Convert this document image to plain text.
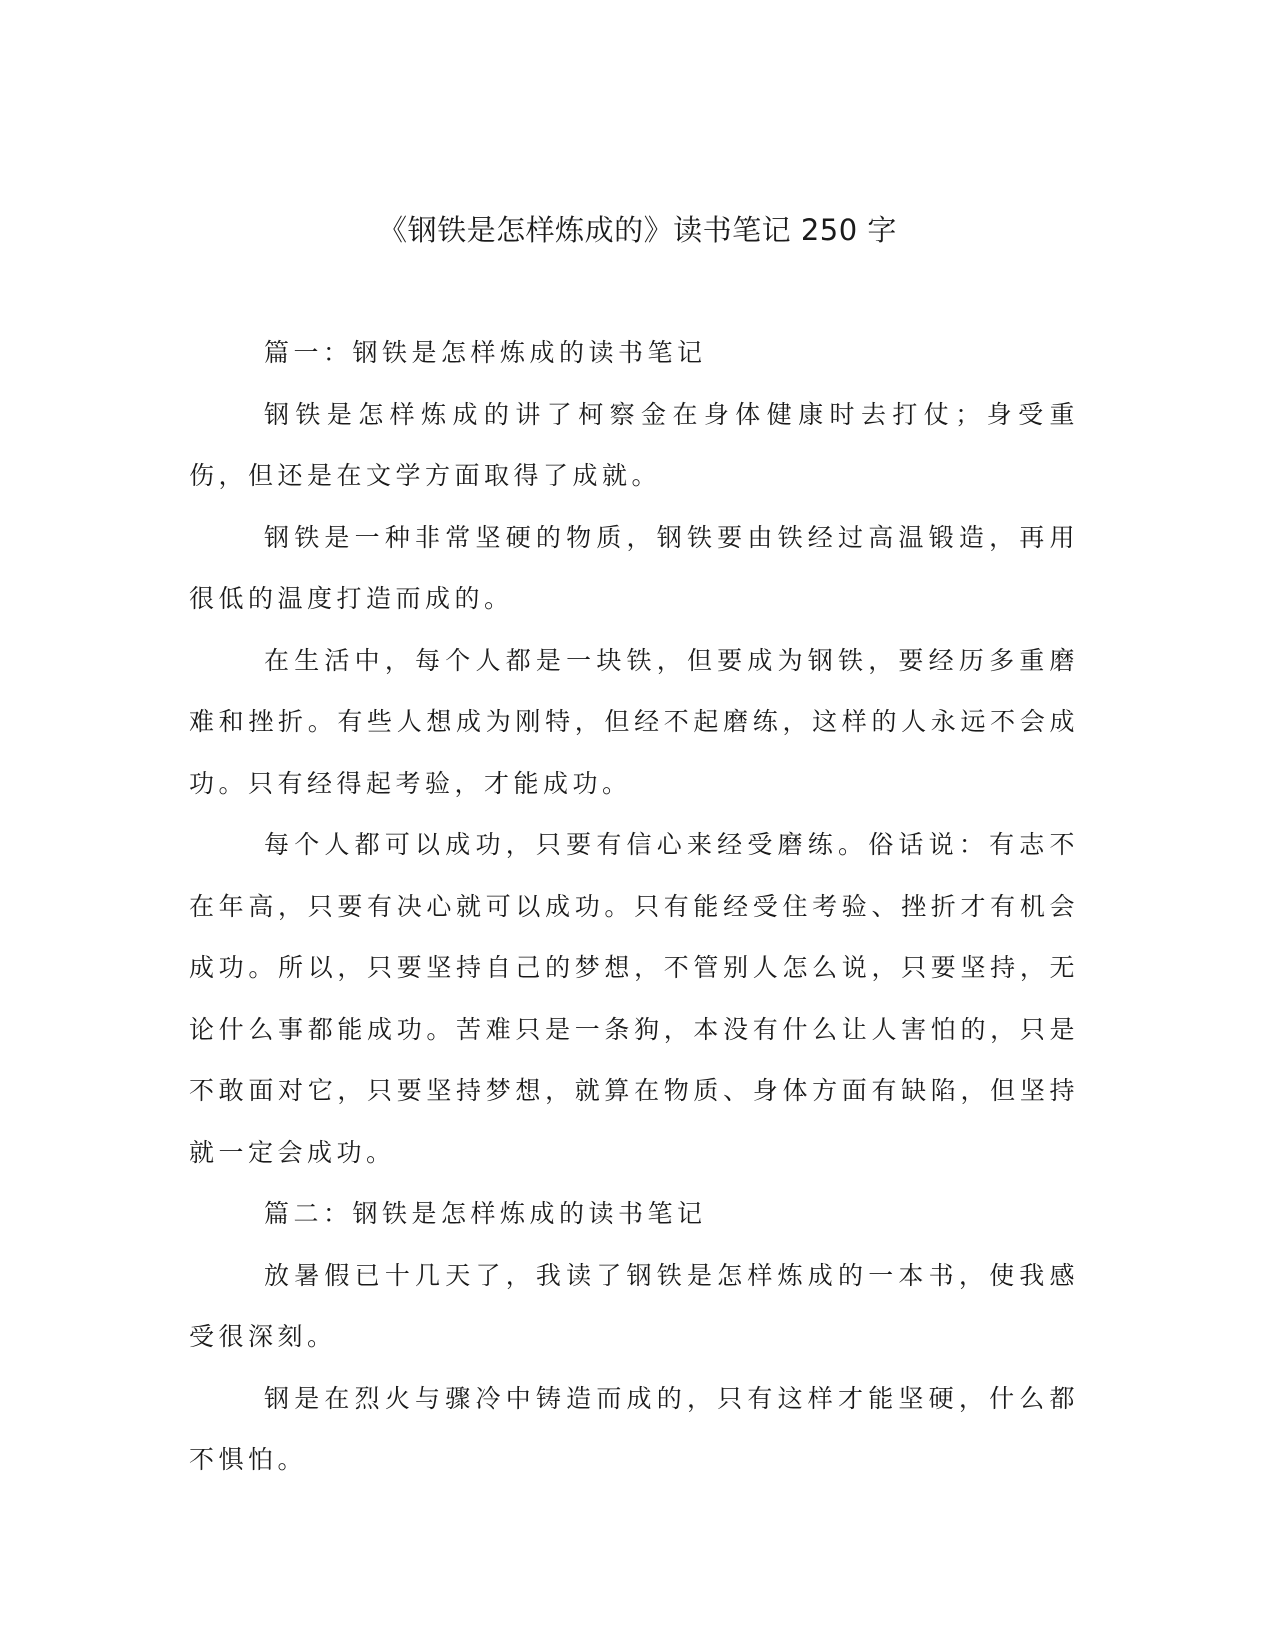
《钢铁是怎样炼成的》读书笔记 250 字

篇一：钢铁是怎样炼成的读书笔记

钢铁是怎样炼成的讲了柯察金在身体健康时去打仗；身受重伤，但还是在文学方面取得了成就。

钢铁是一种非常坚硬的物质，钢铁要由铁经过高温锻造，再用很低的温度打造而成的。

在生活中，每个人都是一块铁，但要成为钢铁，要经历多重磨难和挫折。有些人想成为刚特，但经不起磨练，这样的人永远不会成功。只有经得起考验，才能成功。

每个人都可以成功，只要有信心来经受磨练。俗话说：有志不在年高，只要有决心就可以成功。只有能经受住考验、挫折才有机会成功。所以，只要坚持自己的梦想，不管别人怎么说，只要坚持，无论什么事都能成功。苦难只是一条狗，本没有什么让人害怕的，只是不敢面对它，只要坚持梦想，就算在物质、身体方面有缺陷，但坚持就一定会成功。

篇二：钢铁是怎样炼成的读书笔记

放暑假已十几天了，我读了钢铁是怎样炼成的一本书，使我感受很深刻。

钢是在烈火与骤冷中铸造而成的，只有这样才能坚硬，什么都不惧怕。
